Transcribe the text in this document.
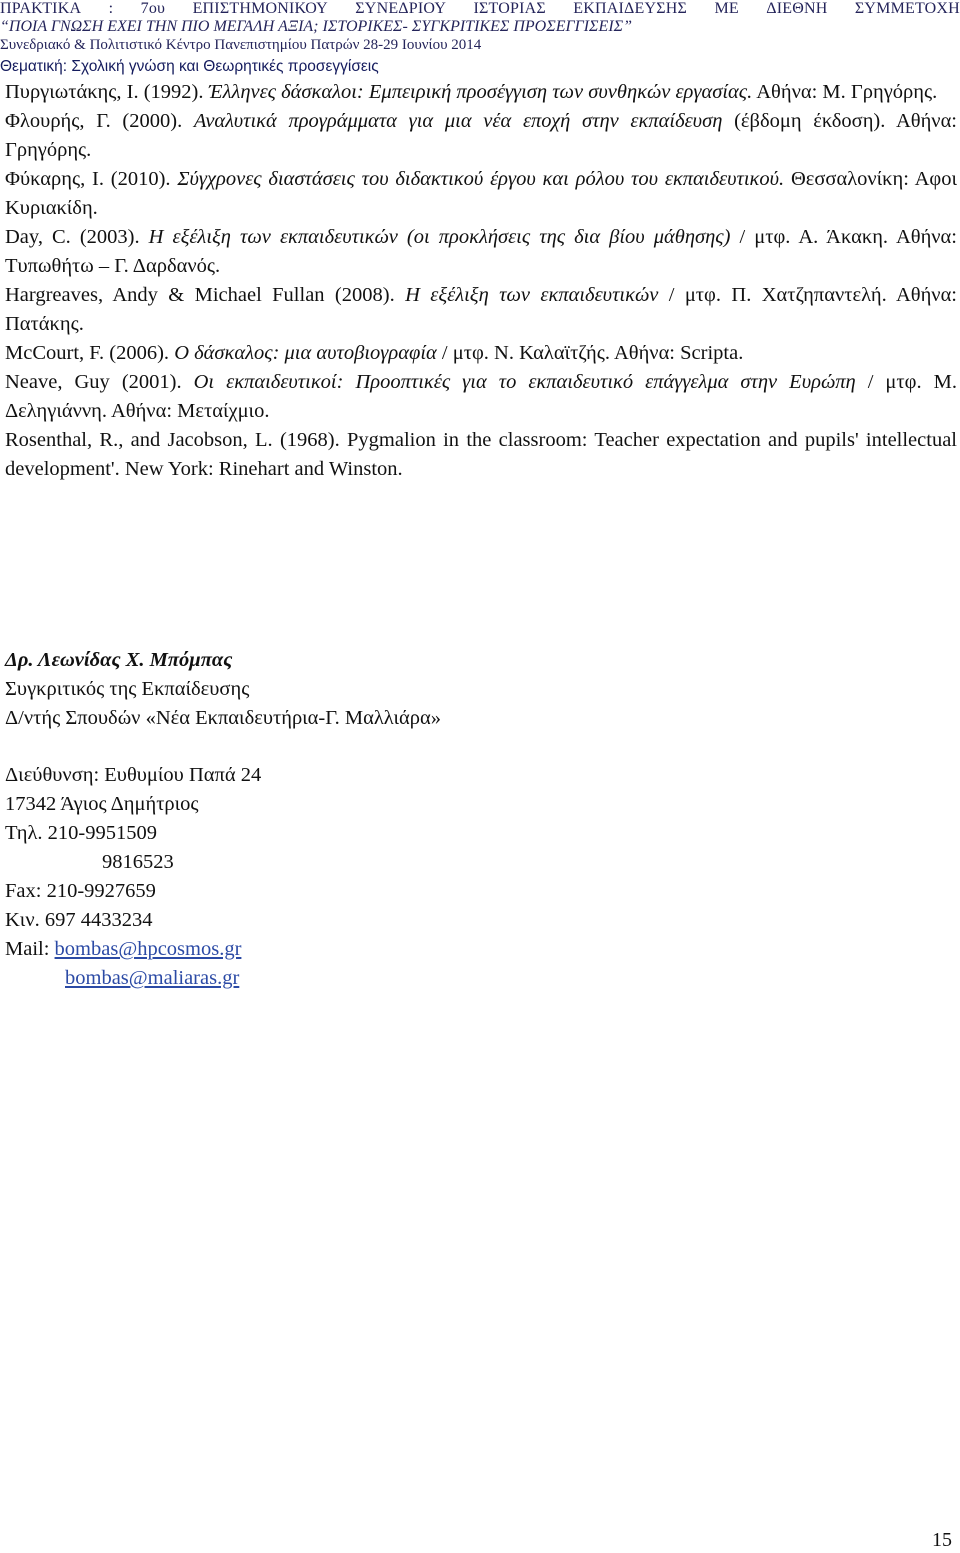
ΠΡΑΚΤΙΚΑ : 7ου ΕΠΙΣΤΗΜΟΝΙΚΟΥ ΣΥΝΕΔΡΙΟΥ ΙΣΤΟΡΙΑΣ ΕΚΠΑΙΔΕΥΣΗΣ ΜΕ ΔΙΕΘΝΗ ΣΥΜΜΕΤΟΧΗ
“ΠΟΙΑ ΓΝΩΣΗ ΕΧΕΙ ΤΗΝ ΠΙΟ ΜΕΓΑΛΗ ΑΞΙΑ; ΙΣΤΟΡΙΚΕΣ- ΣΥΓΚΡΙΤΙΚΕΣ ΠΡΟΣΕΓΓΙΣΕΙΣ”
Συνεδριακό & Πολιτιστικό Κέντρο Πανεπιστημίου Πατρών 28-29 Ιουνίου 2014
Θεματική: Σχολική γνώση και Θεωρητικές προσεγγίσεις

Πυργιωτάκης, Ι. (1992). Έλληνες δάσκαλοι: Εμπειρική προσέγγιση των συνθηκών εργασίας. Αθήνα: Μ. Γρηγόρης.

Φλουρής, Γ. (2000). Αναλυτικά προγράμματα για μια νέα εποχή στην εκπαίδευση (έβδομη έκδοση). Αθήνα: Γρηγόρης.

Φύκαρης, Ι. (2010). Σύγχρονες διαστάσεις του διδακτικού έργου και ρόλου του εκπαιδευτικού. Θεσσαλονίκη: Αφοι Κυριακίδη.

Day, C. (2003). Η εξέλιξη των εκπαιδευτικών (οι προκλήσεις της δια βίου μάθησης) / μτφ. Α. Άκακη. Αθήνα: Τυπωθήτω – Γ. Δαρδανός.

Hargreaves, Andy & Michael Fullan (2008). Η εξέλιξη των εκπαιδευτικών / μτφ. Π. Χατζηπαντελή. Αθήνα: Πατάκης.

McCourt, F. (2006). Ο δάσκαλος: μια αυτοβιογραφία / μτφ. Ν. Καλαϊτζής. Αθήνα: Scripta.

Neave, Guy (2001). Οι εκπαιδευτικοί: Προοπτικές για το εκπαιδευτικό επάγγελμα στην Ευρώπη / μτφ. Μ. Δεληγιάννη. Αθήνα: Μεταίχμιο.

Rosenthal, R., and Jacobson, L. (1968). Pygmalion in the classroom: Teacher expectation and pupils' intellectual development'. New York: Rinehart and Winston.

Δρ. Λεωνίδας Χ. Μπόμπας

Συγκριτικός της Εκπαίδευσης

Δ/ντής Σπουδών «Νέα Εκπαιδευτήρια-Γ. Μαλλιάρα»

Διεύθυνση: Ευθυμίου Παπά 24

17342 Άγιος Δημήτριος

Τηλ. 210-9951509

9816523

Fax: 210-9927659

Κιν. 697 4433234

Mail: bombas@hpcosmos.gr

bombas@maliaras.gr

15
